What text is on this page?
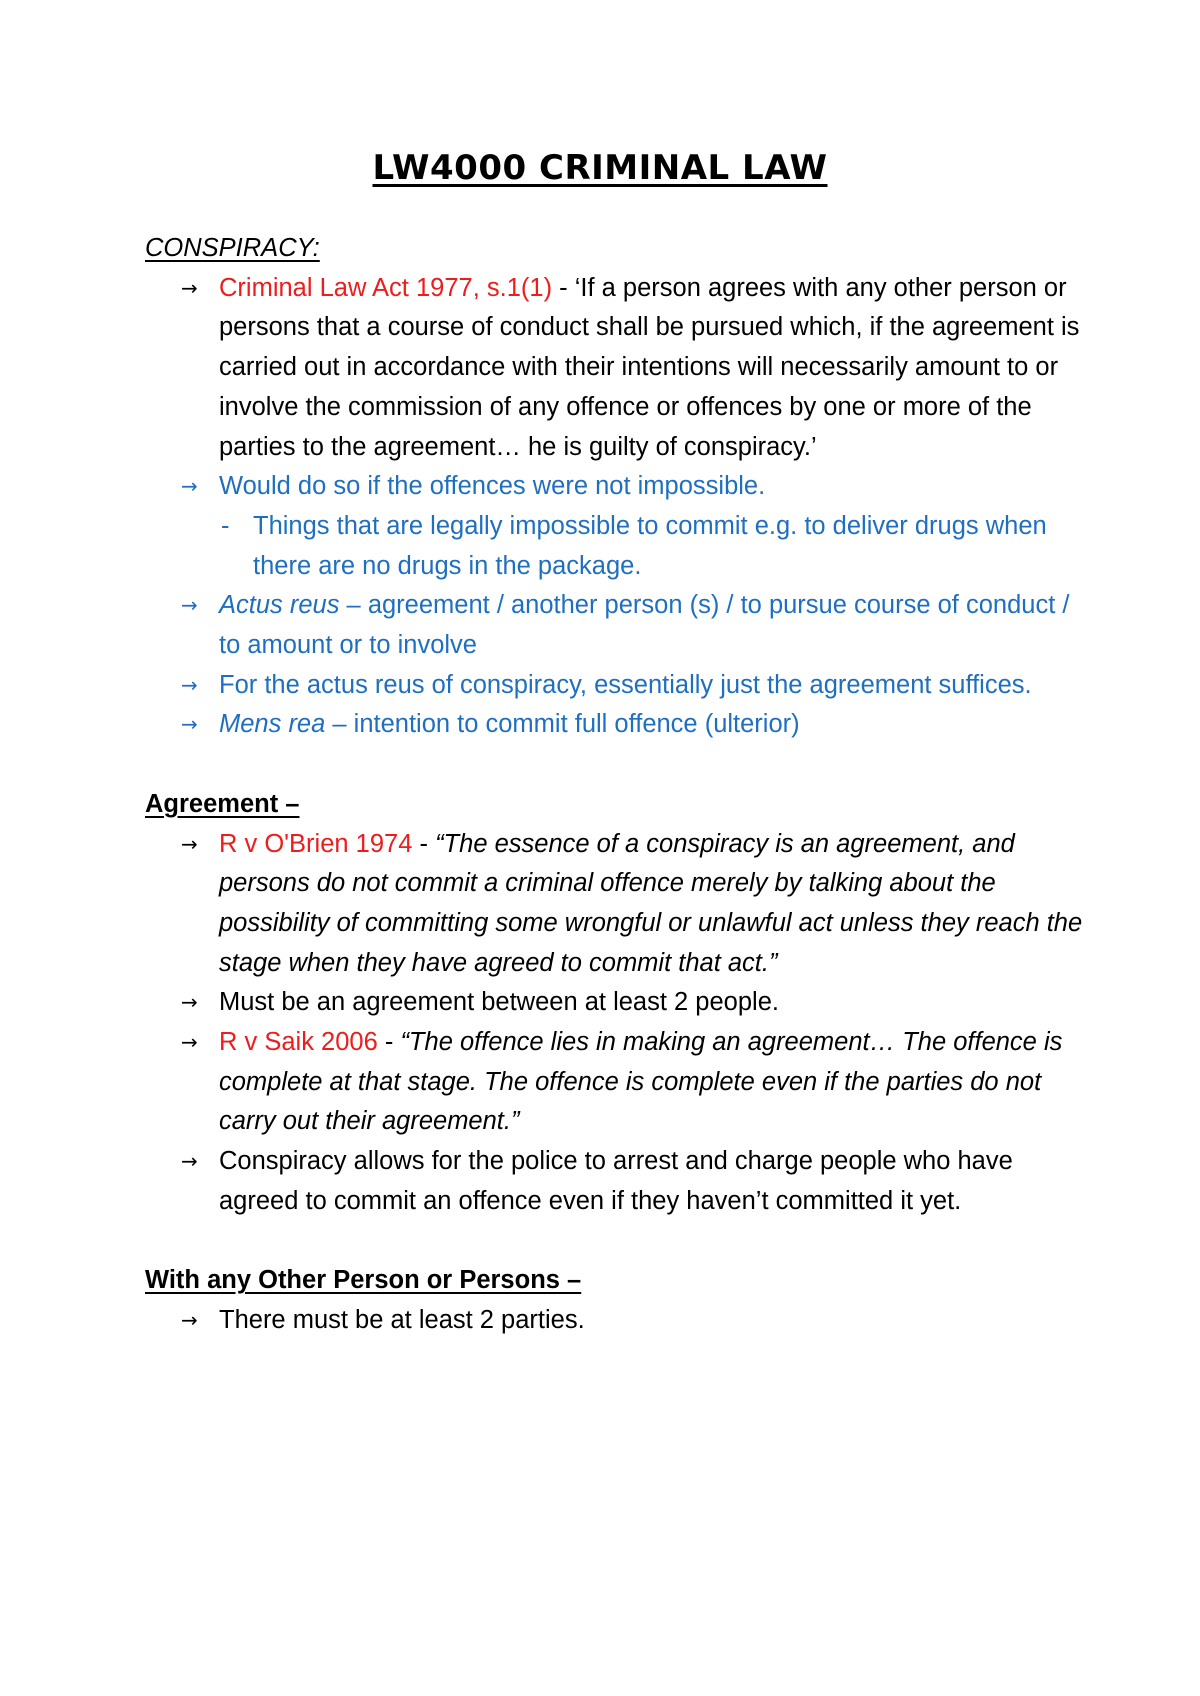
LW4000 CRIMINAL LAW
CONSPIRACY:
→ Criminal Law Act 1977, s.1(1) - ‘If a person agrees with any other person or persons that a course of conduct shall be pursued which, if the agreement is carried out in accordance with their intentions will necessarily amount to or involve the commission of any offence or offences by one or more of the parties to the agreement… he is guilty of conspiracy.’
→ Would do so if the offences were not impossible.
- Things that are legally impossible to commit e.g. to deliver drugs when there are no drugs in the package.
→ Actus reus – agreement / another person (s) / to pursue course of conduct / to amount or to involve
→ For the actus reus of conspiracy, essentially just the agreement suffices.
→ Mens rea – intention to commit full offence (ulterior)
Agreement –
→ R v O'Brien 1974 - “The essence of a conspiracy is an agreement, and persons do not commit a criminal offence merely by talking about the possibility of committing some wrongful or unlawful act unless they reach the stage when they have agreed to commit that act.”
→ Must be an agreement between at least 2 people.
→ R v Saik 2006 - “The offence lies in making an agreement… The offence is complete at that stage. The offence is complete even if the parties do not carry out their agreement.”
→ Conspiracy allows for the police to arrest and charge people who have agreed to commit an offence even if they haven’t committed it yet.
With any Other Person or Persons –
→ There must be at least 2 parties.
